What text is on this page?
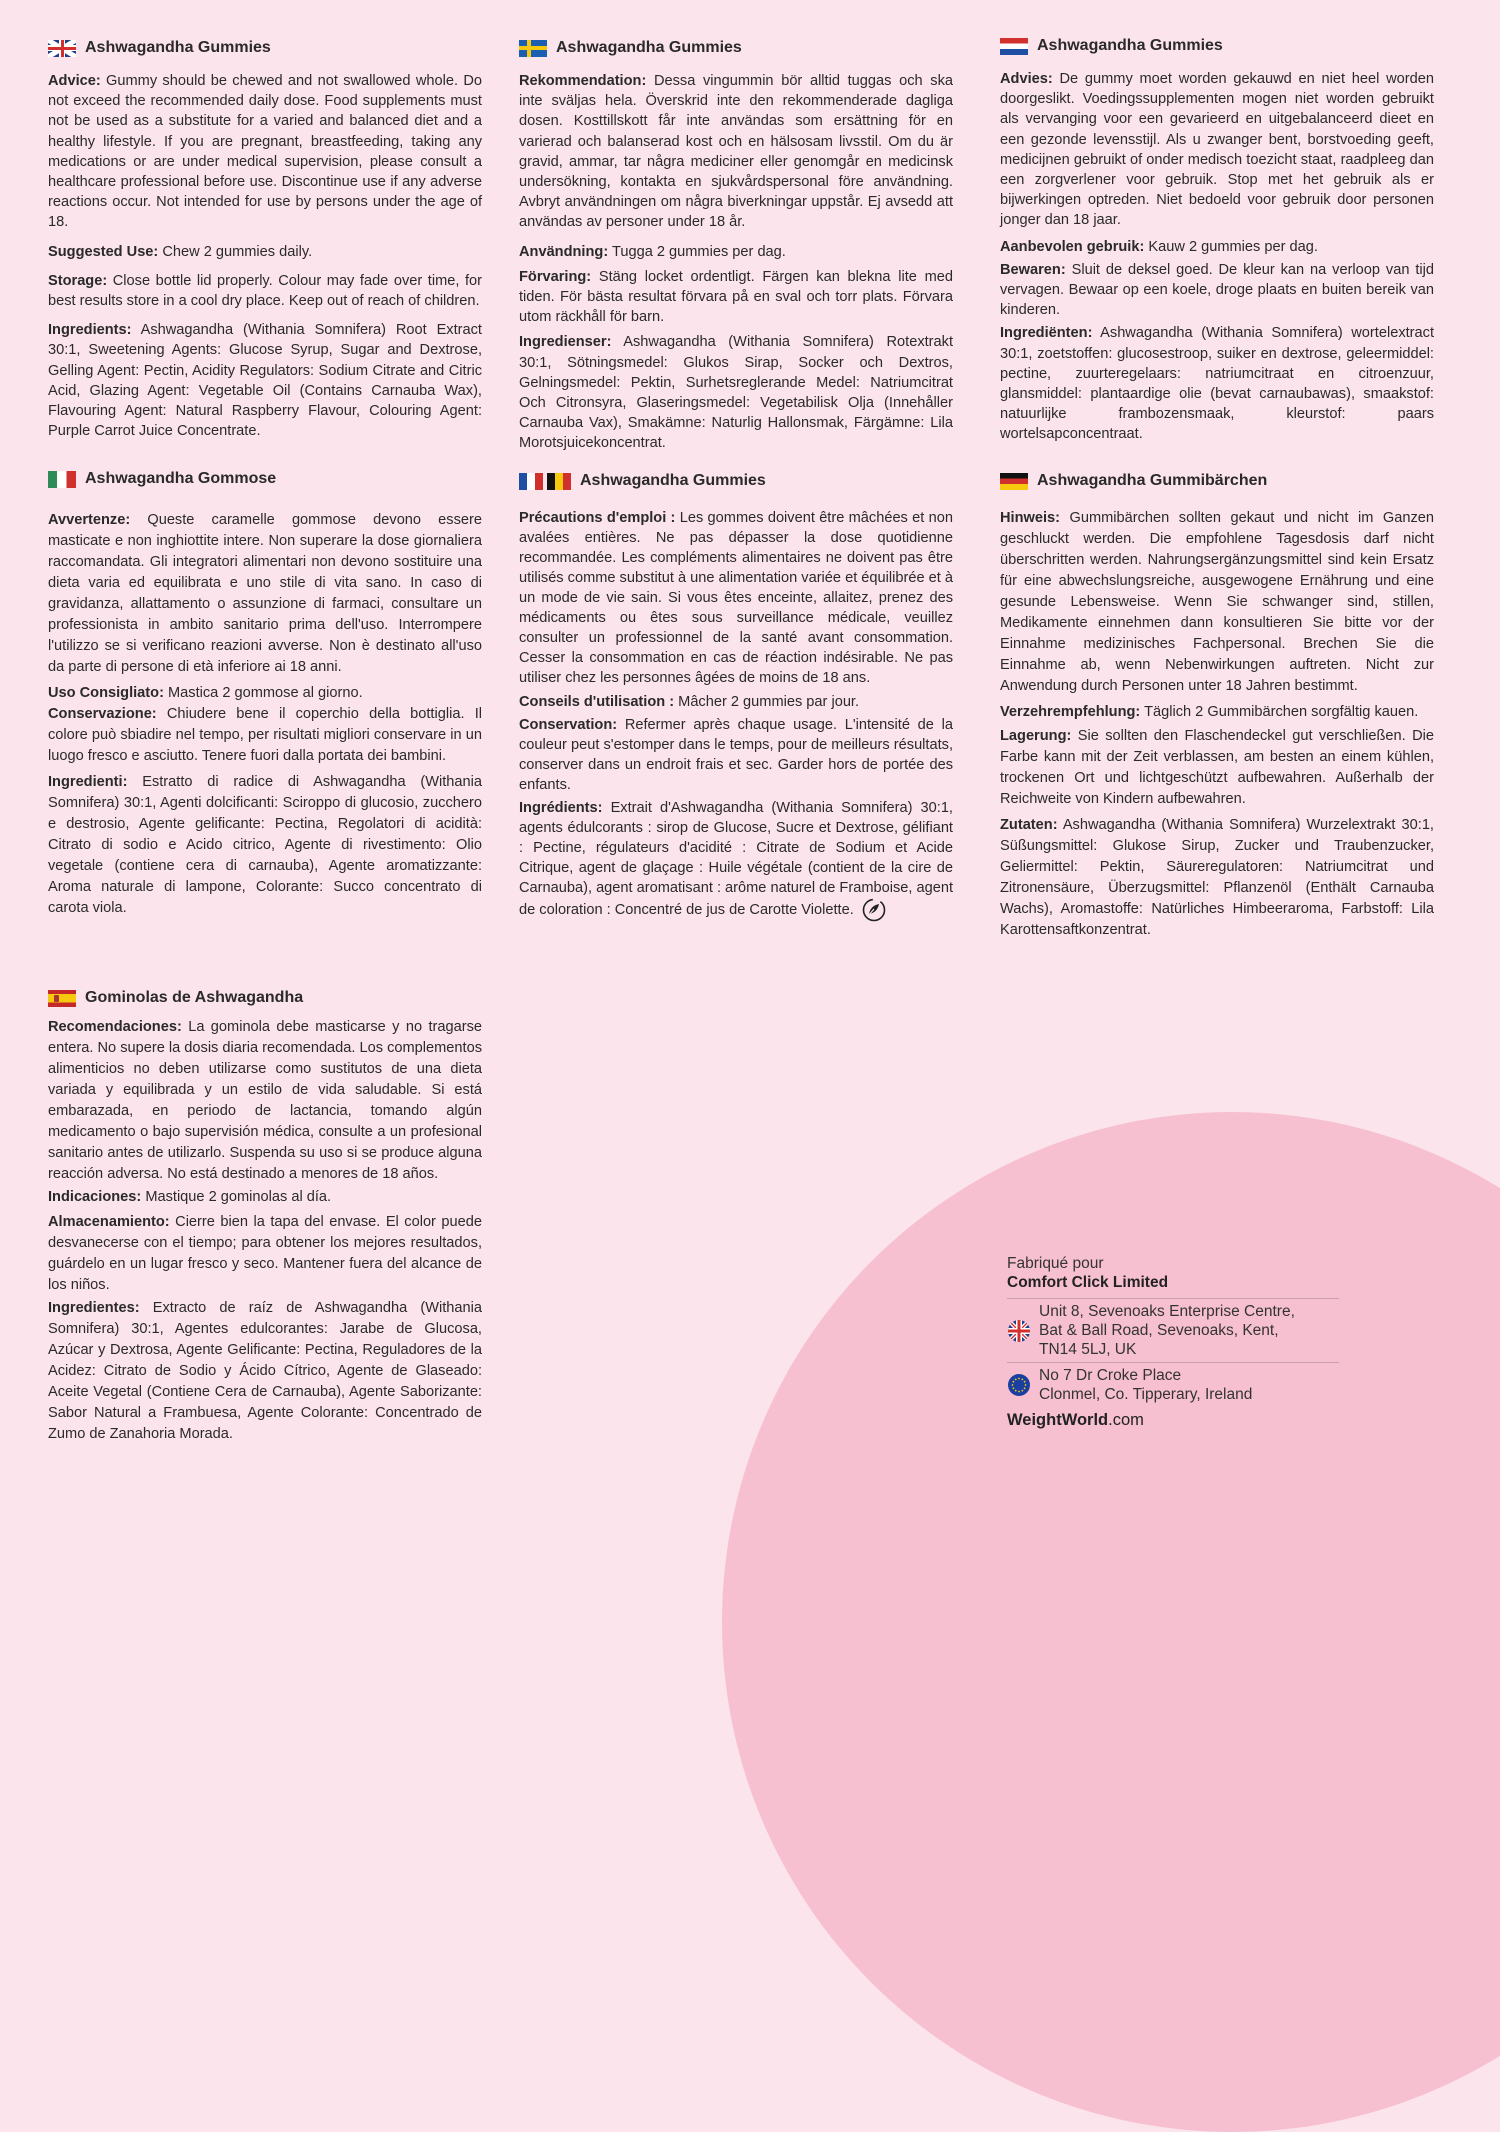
Ashwagandha Gummies

Advice: Gummy should be chewed and not swallowed whole. Do not exceed the recommended daily dose. Food supplements must not be used as a substitute for a varied and balanced diet and a healthy lifestyle. If you are pregnant, breastfeeding, taking any medications or are under medical supervision, please consult a healthcare professional before use. Discontinue use if any adverse reactions occur. Not intended for use by persons under the age of 18.

Suggested Use: Chew 2 gummies daily.

Storage: Close bottle lid properly. Colour may fade over time, for best results store in a cool dry place. Keep out of reach of children.

Ingredients: Ashwagandha (Withania Somnifera) Root Extract 30:1, Sweetening Agents: Glucose Syrup, Sugar and Dextrose, Gelling Agent: Pectin, Acidity Regulators: Sodium Citrate and Citric Acid, Glazing Agent: Vegetable Oil (Contains Carnauba Wax), Flavouring Agent: Natural Raspberry Flavour, Colouring Agent: Purple Carrot Juice Concentrate.

Ashwagandha Gommose

Avvertenze: Queste caramelle gommose devono essere masticate e non inghiottite intere. Non superare la dose giornaliera raccomandata. Gli integratori alimentari non devono sostituire una dieta varia ed equilibrata e uno stile di vita sano. In caso di gravidanza, allattamento o assunzione di farmaci, consultare un professionista in ambito sanitario prima dell'uso. Interrompere l'utilizzo se si verificano reazioni avverse. Non è destinato all'uso da parte di persone di età inferiore ai 18 anni.

Uso Consigliato: Mastica 2 gommose al giorno.

Conservazione: Chiudere bene il coperchio della bottiglia. Il colore può sbiadire nel tempo, per risultati migliori conservare in un luogo fresco e asciutto. Tenere fuori dalla portata dei bambini.

Ingredienti: Estratto di radice di Ashwagandha (Withania Somnifera) 30:1, Agenti dolcificanti: Sciroppo di glucosio, zucchero e destrosio, Agente gelificante: Pectina, Regolatori di acidità: Citrato di sodio e Acido citrico, Agente di rivestimento: Olio vegetale (contiene cera di carnauba), Agente aromatizzante: Aroma naturale di lampone, Colorante: Succo concentrato di carota viola.

Gominolas de Ashwagandha

Recomendaciones: La gominola debe masticarse y no tragarse entera. No supere la dosis diaria recomendada. Los complementos alimenticios no deben utilizarse como sustitutos de una dieta variada y equilibrada y un estilo de vida saludable. Si está embarazada, en periodo de lactancia, tomando algún medicamento o bajo supervisión médica, consulte a un profesional sanitario antes de utilizarlo. Suspenda su uso si se produce alguna reacción adversa. No está destinado a menores de 18 años.

Indicaciones: Mastique 2 gominolas al día.

Almacenamiento: Cierre bien la tapa del envase. El color puede desvanecerse con el tiempo; para obtener los mejores resultados, guárdelo en un lugar fresco y seco. Mantener fuera del alcance de los niños.

Ingredientes: Extracto de raíz de Ashwagandha (Withania Somnifera) 30:1, Agentes edulcorantes: Jarabe de Glucosa, Azúcar y Dextrosa, Agente Gelificante: Pectina, Reguladores de la Acidez: Citrato de Sodio y Ácido Cítrico, Agente de Glaseado: Aceite Vegetal (Contiene Cera de Carnauba), Agente Saborizante: Sabor Natural a Frambuesa, Agente Colorante: Concentrado de Zumo de Zanahoria Morada.

Ashwagandha Gummies

Rekommendation: Dessa vingummin bör alltid tuggas och ska inte sväljas hela. Överskrid inte den rekommenderade dagliga dosen. Kosttillskott får inte användas som ersättning för en varierad och balanserad kost och en hälsosam livsstil. Om du är gravid, ammar, tar några mediciner eller genomgår en medicinsk undersökning, kontakta en sjukvårdspersonal före användning. Avbryt användningen om några biverkningar uppstår. Ej avsedd att användas av personer under 18 år.

Användning: Tugga 2 gummies per dag.

Förvaring: Stäng locket ordentligt. Färgen kan blekna lite med tiden. För bästa resultat förvara på en sval och torr plats. Förvara utom räckhåll för barn.

Ingredienser: Ashwagandha (Withania Somnifera) Rotextrakt 30:1, Sötningsmedel: Glukos Sirap, Socker och Dextros, Gelningsmedel: Pektin, Surhetsreglerande Medel: Natriumcitrat Och Citronsyra, Glaseringsmedel: Vegetabilisk Olja (Innehåller Carnauba Vax), Smakämne: Naturlig Hallonsmak, Färgämne: Lila Morotsjuicekoncentrat.

Ashwagandha Gummies

Précautions d'emploi : Les gommes doivent être mâchées et non avalées entières. Ne pas dépasser la dose quotidienne recommandée. Les compléments alimentaires ne doivent pas être utilisés comme substitut à une alimentation variée et équilibrée et à un mode de vie sain. Si vous êtes enceinte, allaitez, prenez des médicaments ou êtes sous surveillance médicale, veuillez consulter un professionnel de la santé avant consommation. Cesser la consommation en cas de réaction indésirable. Ne pas utiliser chez les personnes âgées de moins de 18 ans.

Conseils d'utilisation : Mâcher 2 gummies par jour.

Conservation: Refermer après chaque usage. L'intensité de la couleur peut s'estomper dans le temps, pour de meilleurs résultats, conserver dans un endroit frais et sec. Garder hors de portée des enfants.

Ingrédients: Extrait d'Ashwagandha (Withania Somnifera) 30:1, agents édulcorants : sirop de Glucose, Sucre et Dextrose, gélifiant : Pectine, régulateurs d'acidité : Citrate de Sodium et Acide Citrique, agent de glaçage : Huile végétale (contient de la cire de Carnauba), agent aromatisant : arôme naturel de Framboise, agent de coloration : Concentré de jus de Carotte Violette.

Ashwagandha Gummies

Advies: De gummy moet worden gekauwd en niet heel worden doorgeslikt. Voedingssupplementen mogen niet worden gebruikt als vervanging voor een gevarieerd en uitgebalanceerd dieet en een gezonde levensstijl. Als u zwanger bent, borstvoeding geeft, medicijnen gebruikt of onder medisch toezicht staat, raadpleeg dan een zorgverlener voor gebruik. Stop met het gebruik als er bijwerkingen optreden. Niet bedoeld voor gebruik door personen jonger dan 18 jaar.

Aanbevolen gebruik: Kauw 2 gummies per dag.

Bewaren: Sluit de deksel goed. De kleur kan na verloop van tijd vervagen. Bewaar op een koele, droge plaats en buiten bereik van kinderen.

Ingrediënten: Ashwagandha (Withania Somnifera) wortelextract 30:1, zoetstoffen: glucosestroop, suiker en dextrose, geleermiddel: pectine, zuurteregelaars: natriumcitraat en citroenzuur, glansmiddel: plantaardige olie (bevat carnaubawas), smaakstof: natuurlijke frambozensmaak, kleurstof: paars wortelsapconcentraat.

Ashwagandha Gummibärchen

Hinweis: Gummibärchen sollten gekaut und nicht im Ganzen geschluckt werden. Die empfohlene Tagesdosis darf nicht überschritten werden. Nahrungsergänzungsmittel sind kein Ersatz für eine abwechslungsreiche, ausgewogene Ernährung und eine gesunde Lebensweise. Wenn Sie schwanger sind, stillen, Medikamente einnehmen dann konsultieren Sie bitte vor der Einnahme medizinisches Fachpersonal. Brechen Sie die Einnahme ab, wenn Nebenwirkungen auftreten. Nicht zur Anwendung durch Personen unter 18 Jahren bestimmt.

Verzehrempfehlung: Täglich 2 Gummibärchen sorgfältig kauen.

Lagerung: Sie sollten den Flaschendeckel gut verschließen. Die Farbe kann mit der Zeit verblassen, am besten an einem kühlen, trockenen Ort und lichtgeschützt aufbewahren. Außerhalb der Reichweite von Kindern aufbewahren.

Zutaten: Ashwagandha (Withania Somnifera) Wurzelextrakt 30:1, Süßungsmittel: Glukose Sirup, Zucker und Traubenzucker, Geliermittel: Pektin, Säureregulatoren: Natriumcitrat und Zitronensäure, Überzugsmittel: Pflanzenöl (Enthält Carnauba Wachs), Aromastoffe: Natürliches Himbeeraroma, Farbstoff: Lila Karottensaftkonzentrat.

Fabriqué pour
Comfort Click Limited
Unit 8, Sevenoaks Enterprise Centre,
Bat & Ball Road, Sevenoaks, Kent,
TN14 5LJ, UK
No 7 Dr Croke Place
Clonmel, Co. Tipperary, Ireland
WeightWorld.com
